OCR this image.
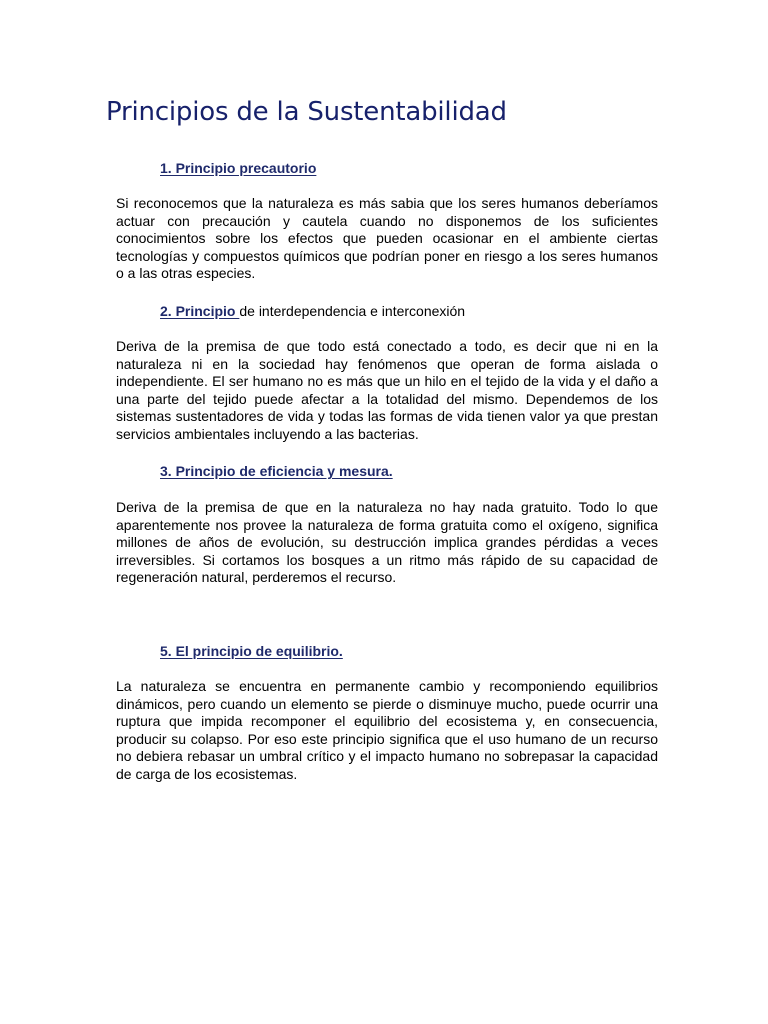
Principios de la Sustentabilidad

1. Principio precautorio

Si reconocemos que la naturaleza es más sabia que los seres humanos deberíamos actuar con precaución y cautela cuando no disponemos de los suficientes conocimientos sobre los efectos que pueden ocasionar en el ambiente ciertas tecnologías y compuestos químicos que podrían poner en riesgo a los seres humanos o a las otras especies.

2. Principio de interdependencia e interconexión

Deriva de la premisa de que todo está conectado a todo, es decir que ni en la naturaleza ni en la sociedad hay fenómenos que operan de forma aislada o independiente. El ser humano no es más que un hilo en el tejido de la vida y el daño a una parte del tejido puede afectar a la totalidad del mismo. Dependemos de los sistemas sustentadores de vida y todas las formas de vida tienen valor ya que prestan servicios ambientales incluyendo a las bacterias.

3. Principio de eficiencia y mesura.

Deriva de la premisa de que en la naturaleza no hay nada gratuito. Todo lo que aparentemente nos provee la naturaleza de forma gratuita como el oxígeno, significa millones de años de evolución, su destrucción implica grandes pérdidas a veces irreversibles. Si cortamos los bosques a un ritmo más rápido de su capacidad de regeneración natural, perderemos el recurso.

5. El principio de equilibrio.

La naturaleza se encuentra en permanente cambio y recomponiendo equilibrios dinámicos, pero cuando un elemento se pierde o disminuye mucho, puede ocurrir una ruptura que impida recomponer el equilibrio del ecosistema y, en consecuencia, producir su colapso. Por eso este principio significa que el uso humano de un recurso no debiera rebasar un umbral crítico y el impacto humano no sobrepasar la capacidad de carga de los ecosistemas.
